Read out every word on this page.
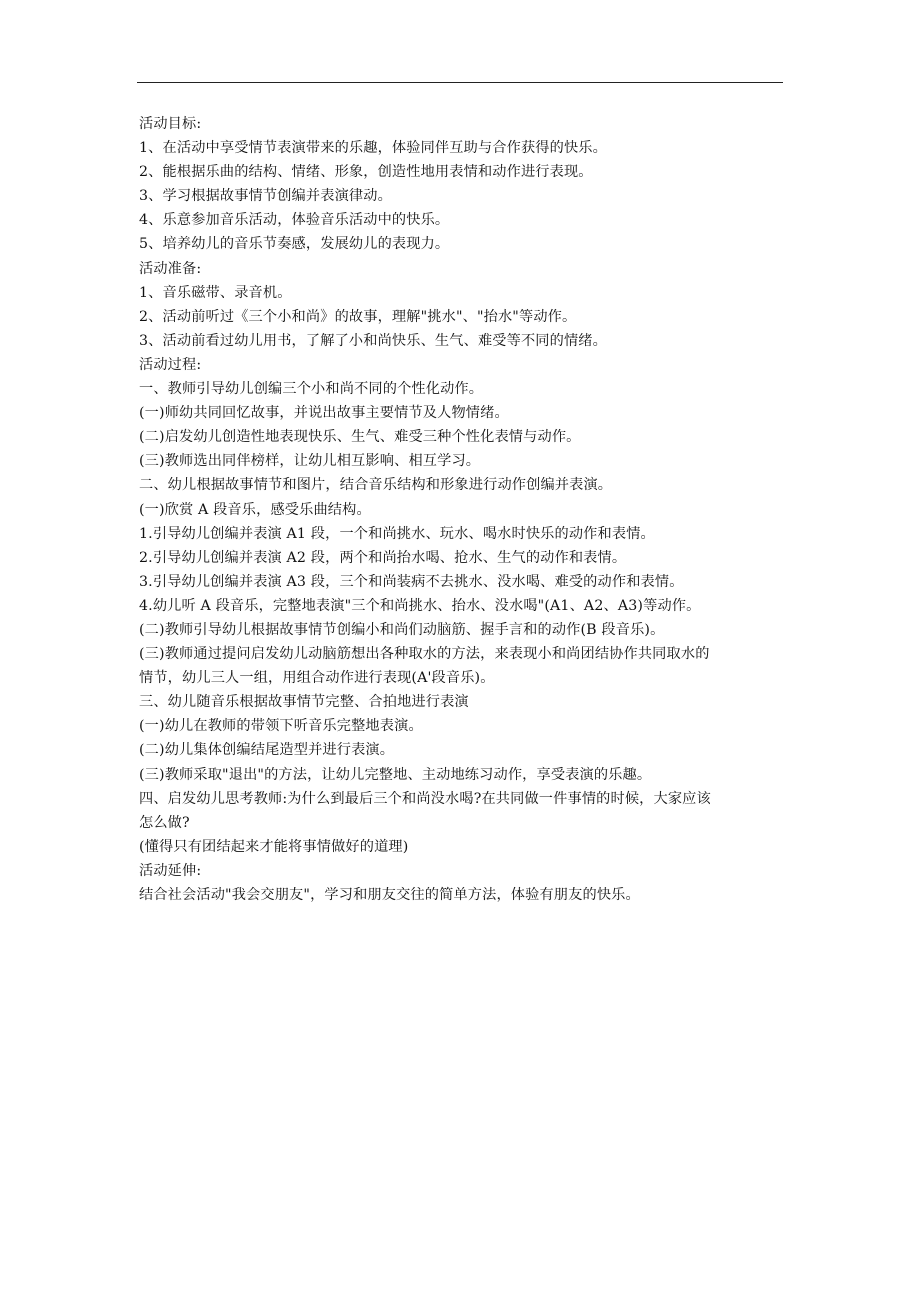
活动目标:
1、在活动中享受情节表演带来的乐趣，体验同伴互助与合作获得的快乐。
2、能根据乐曲的结构、情绪、形象，创造性地用表情和动作进行表现。
3、学习根据故事情节创编并表演律动。
4、乐意参加音乐活动，体验音乐活动中的快乐。
5、培养幼儿的音乐节奏感，发展幼儿的表现力。
活动准备:
1、音乐磁带、录音机。
2、活动前听过《三个小和尚》的故事，理解"挑水"、"抬水"等动作。
3、活动前看过幼儿用书，了解了小和尚快乐、生气、难受等不同的情绪。
活动过程:
一、教师引导幼儿创编三个小和尚不同的个性化动作。
(一)师幼共同回忆故事，并说出故事主要情节及人物情绪。
(二)启发幼儿创造性地表现快乐、生气、难受三种个性化表情与动作。
(三)教师选出同伴榜样，让幼儿相互影响、相互学习。
二、幼儿根据故事情节和图片，结合音乐结构和形象进行动作创编并表演。
(一)欣赏 A 段音乐，感受乐曲结构。
1.引导幼儿创编并表演 A1 段，一个和尚挑水、玩水、喝水时快乐的动作和表情。
2.引导幼儿创编并表演 A2 段，两个和尚抬水喝、抢水、生气的动作和表情。
3.引导幼儿创编并表演 A3 段，三个和尚装病不去挑水、没水喝、难受的动作和表情。
4.幼儿听 A 段音乐，完整地表演"三个和尚挑水、抬水、没水喝"(A1、A2、A3)等动作。
(二)教师引导幼儿根据故事情节创编小和尚们动脑筋、握手言和的动作(B 段音乐)。
(三)教师通过提问启发幼儿动脑筋想出各种取水的方法，来表现小和尚团结协作共同取水的
情节，幼儿三人一组，用组合动作进行表现(A'段音乐)。
三、幼儿随音乐根据故事情节完整、合拍地进行表演
(一)幼儿在教师的带领下听音乐完整地表演。
(二)幼儿集体创编结尾造型并进行表演。
(三)教师采取"退出"的方法，让幼儿完整地、主动地练习动作，享受表演的乐趣。
四、启发幼儿思考教师:为什么到最后三个和尚没水喝?在共同做一件事情的时候，大家应该
怎么做?
(懂得只有团结起来才能将事情做好的道理)
活动延伸:
结合社会活动"我会交朋友"，学习和朋友交往的简单方法，体验有朋友的快乐。
